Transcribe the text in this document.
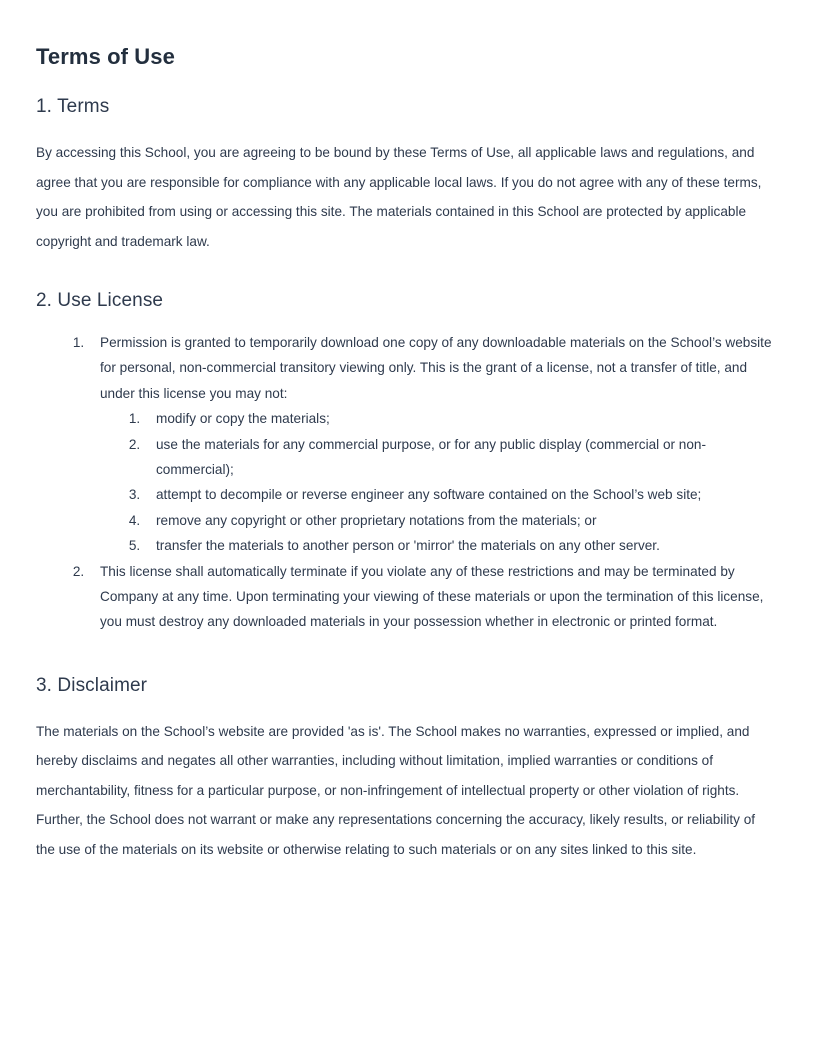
Terms of Use
1. Terms

By accessing this School, you are agreeing to be bound by these Terms of Use, all applicable laws and regulations, and agree that you are responsible for compliance with any applicable local laws. If you do not agree with any of these terms, you are prohibited from using or accessing this site. The materials contained in this School are protected by applicable copyright and trademark law.

2. Use License
1. Permission is granted to temporarily download one copy of any downloadable materials on the School’s website for personal, non-commercial transitory viewing only. This is the grant of a license, not a transfer of title, and under this license you may not:
1. modify or copy the materials;
2. use the materials for any commercial purpose, or for any public display (commercial or non-commercial);
3. attempt to decompile or reverse engineer any software contained on the School’s web site;
4. remove any copyright or other proprietary notations from the materials; or
5. transfer the materials to another person or 'mirror' the materials on any other server.
2. This license shall automatically terminate if you violate any of these restrictions and may be terminated by Company at any time. Upon terminating your viewing of these materials or upon the termination of this license, you must destroy any downloaded materials in your possession whether in electronic or printed format.
3. Disclaimer

The materials on the School’s website are provided 'as is'. The School makes no warranties, expressed or implied, and hereby disclaims and negates all other warranties, including without limitation, implied warranties or conditions of merchantability, fitness for a particular purpose, or non-infringement of intellectual property or other violation of rights. Further, the School does not warrant or make any representations concerning the accuracy, likely results, or reliability of the use of the materials on its website or otherwise relating to such materials or on any sites linked to this site.
